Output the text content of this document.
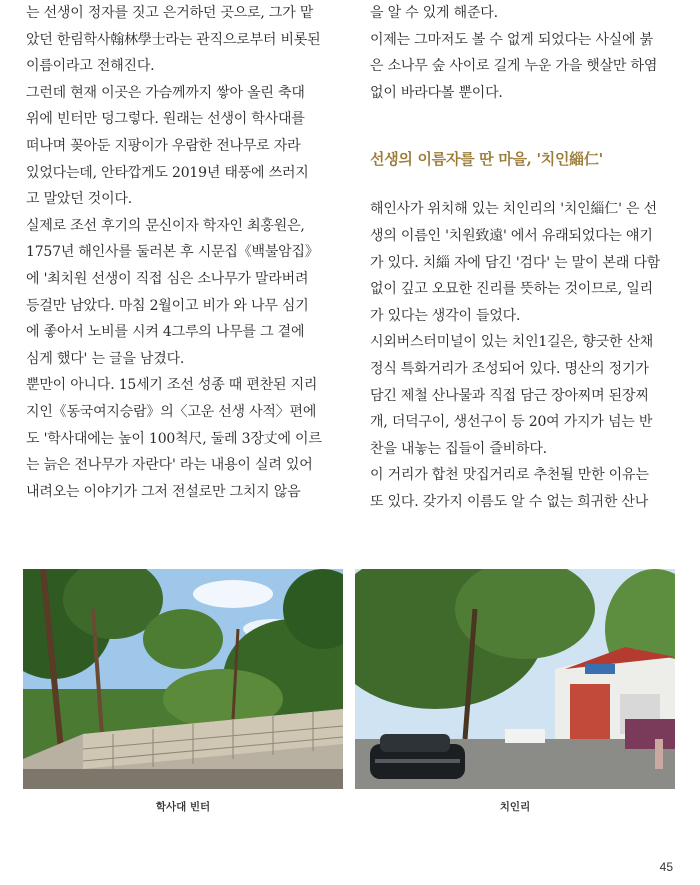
는 선생이 정자를 짓고 은거하던 곳으로, 그가 맡

았던 한림학사翰林學士라는 관직으로부터 비롯된

이름이라고 전해진다.

그런데 현재 이곳은 가슴께까지 쌓아 올린 축대

위에 빈터만 덩그렇다. 원래는 선생이 학사대를

떠나며 꽂아둔 지팡이가 우람한 전나무로 자라

있었다는데, 안타깝게도 2019년 태풍에 쓰러지

고 말았던 것이다.

실제로 조선 후기의 문신이자 학자인 최홍원은,

1757년 해인사를 둘러본 후 시문집《백불암집》

에 '최치원 선생이 직접 심은 소나무가 말라버려

등걸만 남았다. 마침 2월이고 비가 와 나무 심기

에 좋아서 노비를 시켜 4그루의 나무를 그 곁에

심게 했다' 는 글을 남겼다.

뿐만이 아니다. 15세기 조선 성종 때 편찬된 지리

지인《동국여지승람》의〈고운 선생 사적〉편에

도 '학사대에는 높이 100척尺, 둘레 3장丈에 이르

는 늙은 전나무가 자란다' 라는 내용이 실려 있어

내려오는 이야기가 그저 전설로만 그치지 않음

을 알 수 있게 해준다.

이제는 그마저도 볼 수 없게 되었다는 사실에 붉

은 소나무 숲 사이로 길게 누운 가을 햇살만 하염

없이 바라다볼 뿐이다.

선생의 이름자를 딴 마을, '치인緇仁'

해인사가 위치해 있는 치인리의 '치인緇仁' 은 선

생의 이름인 '치원致遠' 에서 유래되었다는 얘기

가 있다. 치緇 자에 담긴 '검다' 는 말이 본래 다함

없이 깊고 오묘한 진리를 뜻하는 것이므로, 일리

가 있다는 생각이 들었다.

시외버스터미널이 있는 치인1길은, 향긋한 산채

정식 특화거리가 조성되어 있다. 명산의 정기가

담긴 제철 산나물과 직접 담근 장아찌며 된장찌

개, 더덕구이, 생선구이 등 20여 가지가 넘는 반

찬을 내놓는 집들이 즐비하다.

이 거리가 합천 맛집거리로 추천될 만한 이유는

또 있다. 갖가지 이름도 알 수 없는 희귀한 산나

학사대 빈터	치인리
45
